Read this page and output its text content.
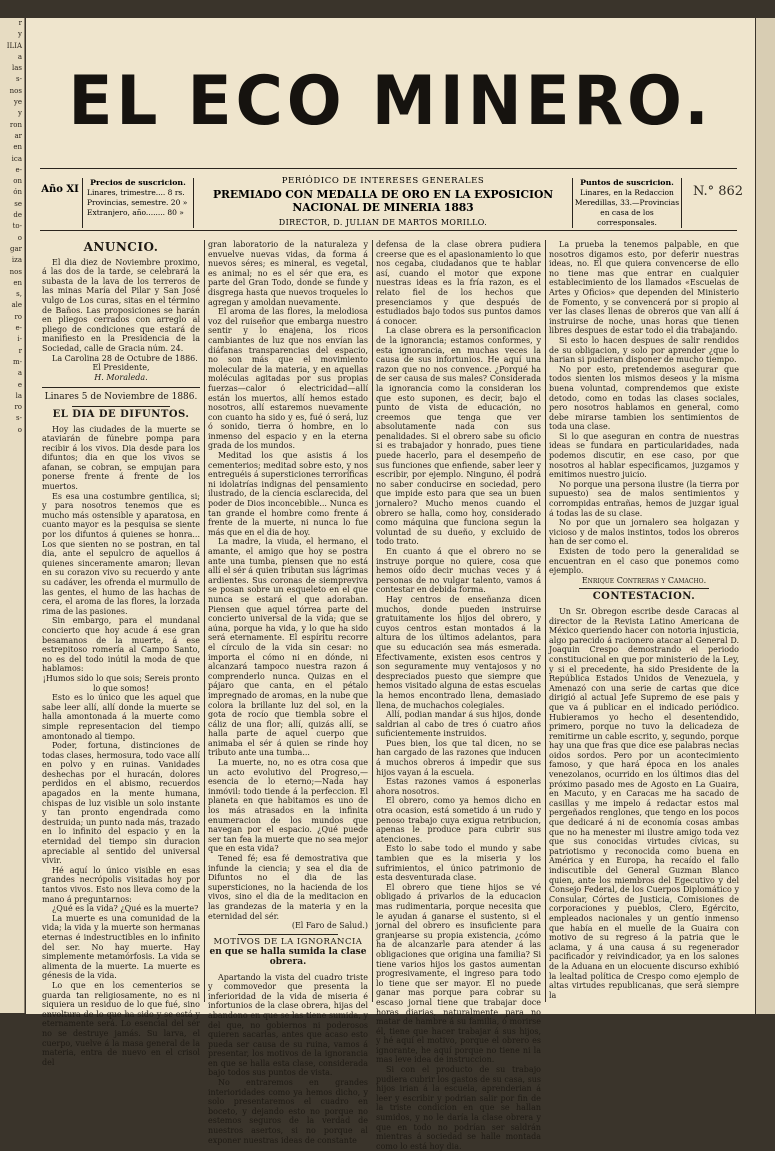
r
y
ILIA
a
las
s-
nos
ye
y
ron
ar
en
ica
e-
on
ón
se
de
to-
o
gar
iza
nos
en
s,
ale
ro
e-
i-
r
m-
a
e
la
ro
s-
o
EL ECO MINERO.
Año XI
Precios de suscricion.
Linares, trimestre.... 8 rs.
Provincias, semestre. 20 »
Extranjero, año........ 80 »
PERIÓDICO DE INTERESES GENERALES
PREMIADO CON MEDALLA DE ORO EN LA EXPOSICION NACIONAL DE MINERIA 1883
DIRECTOR, D. JULIAN DE MARTOS MORILLO.
Puntos de suscricion.
Linares, en la Redaccion
Meredillas, 33.—Provincias
en casa de los corresponsales.
N.° 862
ANUNCIO.

El dia diez de Noviembre proximo, á las dos de la tarde, se celebrará la subasta de la lava de los terreros de las minas María del Pilar y San José vulgo de Los curas, sitas en el término de Baños. Las proposiciones se harán en pliegos cerrados con arreglo al pliego de condiciones que estará de manifiesto en la Presidencia de la Sociedad, calle de Gracia núm. 24.

La Carolina 28 de Octubre de 1886.

El Presidente,

H. Moraleda.

Linares 5 de Noviembre de 1886.

EL DIA DE DIFUNTOS.

Hoy las ciudades de la muerte se ataviarán de fúnebre pompa para recibir á los vivos. Dia desde para los difuntos; dia en que los vivos se afanan, se cobran, se empujan para ponerse frente á frente de los muertos.

Es esa una costumbre gentilica, si; y para nosotros tenemos que es mucho más ostensible y aparatosa, en cuanto mayor es la pesquisa se siente por los difuntos á quienes se honra... Los que sienten no se postran, en tal dia, ante el sepulcro de aquellos á quienes sinceramente amaron; llevan en su corazon vivo su recuerdo y ante su cadáver, les ofrenda el murmullo de las gentes, el humo de las hachas de cera, el aroma de las flores, la lorzada rima de las pasiones.

Sin embargo, para el mundanal concierto que hoy acude á ese gran besamanos de la muerte, á ese estrepitoso romería al Campo Santo, no es del todo inútil la moda de que hablamos:

¡Humos sido lo que sois; Sereis pronto lo que somos!

Esto es lo único que les aquel que sabe leer allí, allí donde la muerte se halla amontonada á la muerte como simple representacion del tiempo amontonado al tiempo.

Poder, fortuna, distinciones de todas clases, hermosura, todo vace allí en polvo y en ruinas. Vanidades deshechas por el huracán, dolores perdidos en el abismo, recuerdos apagados en la mente humana, chispas de luz visible un solo instante y tan pronto engendrada como destruida; un punto nada más, trazado en lo infinito del espacio y en la eternidad del tiempo sin duracion apreciable al sentido del universal vivir.

Hé aquí lo único visible en esas grandes necrópolis visitadas hoy por tantos vivos. Esto nos lleva como de la mano á preguntarnos:

¿Qué es la vida? ¿Qué es la muerte?

La muerte es una comunidad de la vida; la vida y la muerte son hermanas eternas é indestructibles en lo infinito del ser. No hay muerte. Hay simplemente metamórfosis. La vida se alimenta de la muerte. La muerte es génesis de la vida.

Lo que en los cementerios se guarda tan religiosamente, no es ni siquiera un residuo de lo que fué, sino envoltura de lo que ha sido y se está y eternamente será. Lo esencial del sér no se destruye jamás. Su larva, el cuerpo, vuelve á la masa general de la materia, entra de nuevo en el crisol del

gran laboratorio de la naturaleza y envuelve nuevas vidas, da forma á nuevos séres; es mineral, es vegetal, es animal; no es el sér que era, es parte del Gran Todo, donde se funde y disgrega hasta que nuevos troqueles lo agregan y amoldan nuevamente.

El aroma de las flores, la melodiosa voz del ruiseñor que embarga nuestro sentir y lo enajena, los ricos cambiantes de luz que nos envían las diáfanas transparencias del espacio, no son más que el movimiento molecular de la materia, y en aquellas moléculas agitadas por sus propias fuerzas—calor ó electricidad—allí están los muertos, allí hemos estado nosotros, allí estaremos nuevamente con cuanto ha sido y es, fué ó será, luz ó sonido, tierra ó hombre, en lo inmenso del espacio y en la eterna grada de los mundos.

Meditad los que asistis á los cementerios; meditad sobre esto, y nos entreguéis á supersticiones terroríficas ni idolatrías indignas del pensamiento ilustrado, de la ciencia esclarecida, del poder de Dios inconcebible... Nunca es tan grande el hombre como frente á frente de la muerte, ni nunca lo fue más que en el dia de hoy.

La madre, la viuda, el hermano, el amante, el amigo que hoy se postra ante una tumba, piensen que no está allí el sér á quien tributan sus lágrimas ardientes. Sus coronas de siempreviva se posan sobre un esqueleto en el que nunca se estará el que adoraban. Piensen que aquel tórrea parte del concierto universal de la vida; que se aúna, porque ha vida, y lo que ha sido será eternamente. El espíritu recorre el círculo de la vida sin cesar: no importa el cómo ni en dónde, ni alcanzará tampoco nuestra razon á comprenderlo nunca. Quizas en el pájaro que canta, en el pétalo impregnado de aromas, en la nube que colora la brillante luz del sol, en la gota de rocío que tiembla sobre el cáliz de una flor; allí, quizás allí, se halla parte de aquel cuerpo que animaba el sér á quien se rinde hoy tributo ante una tumba...

La muerte, no, no es otra cosa que un acto evolutivo del Progreso,—esencia de lo eterno;—Nada hay inmóvil: todo tiende á la perfeccion. El planeta en que habitamos es uno de los más atrasados en la infinita enumeracion de los mundos que navegan por el espacio. ¿Qué puede ser tan fea la muerte que no sea mejor que en esta vida?

Tened fé; esa fé demostrativa que infunde la ciencia; y sea el dia de Difuntos no el dia de las supersticiones, no la hacienda de los vivos, sino el dia de la meditacion en las grandezas de la materia y en la eternidad del sér.

(El Faro de Salud.)

MOTIVOS DE LA IGNORANCIA
en que se halla sumida la clase obrera.

Apartando la vista del cuadro triste y commovedor que presenta la inferioridad de la vida de miseria é infortunios de la clase obrera, hijas del abandono en que se las tiene sumida, y del que, no gobiernos ni poderosos quieren sacarlas, antes que acaso esto pueda ser causa de su ruina, vamos á presentar, los motivos de la ignorancia en que se halla esta clase, considerada bajo todos sus puntos de vista.

No entraremos en grandes interioridades como ya hemos dicho, y solo presentaremos el cuadro en boceto, y dejando esto no porque no estemos seguros de la verdad de nuestros asertos, si no porque al exponer nuestras ideas de constante

defensa de la clase obrera pudiera creerse que es el apasionamiento lo que nos cegaba, ciudadanos que te hablar así, cuando el motor que expone nuestras ideas es la fría razon, es el relato fiel de los hechos que presenciamos y que después de estudiados bajo todos sus puntos damos á conocer.

La clase obrera es la personificacion de la ignorancia; estamos conformes, y esta ignorancia, en muchas veces la causa de sus infortunios. He aquí una razon que no nos convence. ¿Porqué ha de ser causa de sus males? Considerada la ignorancia como la consideran los que esto suponen, es decir, bajo el punto de vista de educación, no creemos que tenga que ver absolutamente nada con sus penalidades. Si el obrero sabe su oficio si es trabajador y honrado, pues tiene puede hacerlo, para el desempeño de sus funciones que enfiende, saber leer y escribir, por ejemplo. Ninguno, él podrá no saber conducirse en sociedad, pero que impide esto para que sea un buen jornalero? Mucho menos cuando el obrero se halla, como hoy, considerado como máquina que funciona segun la voluntad de su dueño, y excluido de todo trato.

En cuanto á que el obrero no se instruye porque no quiere, cosa que hemos oído decir muchas veces y á personas de no vulgar talento, vamos á contestar en debida forma.

Hay centros de enseñanza dicen muchos, donde pueden instruirse gratuitamente los hijos del obrero, y cuyos centros estan montados á la altura de los últimos adelantos, para que su educación sea más esmerada. Efectivamente, existen esos centros y son seguramente muy ventajosos y no despreciados puesto que siempre que hemos visitado alguna de estas escuelas la hemos encontrado llena, demasiado llena, de muchachos colegiales.

Allí, podian mandar á sus hijos, donde saldrian al cabo de tres ó cuatro años suficientemente instruidos.

Pues bien, los que tal dicen, no se han cargado de las razones que inducen á muchos obreros á impedir que sus hijos vayan á la escuela.

Estas razones vamos á esponerlas ahora nosotros.

El obrero, como ya hemos dicho en otra ocasion, está sometido á un rudo y penoso trabajo cuya exigua retribucion, apenas le produce para cubrir sus atenciones.

Esto lo sabe todo el mundo y sabe tambien que es la miseria y los sufrimientos, el único patrimonio de esta desventurada clase.

El obrero que tiene hijos se vé obligado á privarlos de la educacion mas rudimentaria, porque necesita que le ayudan á ganarse el sustento, si el jornal del obrero es insuficiente para granjearse su propia existencia, ¿cómo ha de alcanzarle para atender á las obligaciones que origina una familia? Si tiene varios hijos los gastos aumentan progresivamente, el ingreso para todo lo tiene que ser mayor. El no puede ganar mas porque para cobrar su escaso jornal tiene que trabajar doce horas diarias, naturalmente para no matar de hambre á su familia, ó morirse él, tiene que hacer trabajar á sus hijos, y hé aquí el motivo, porque el obrero es ignorante, he aquí porque no tiene ni la mas leve idea de instruccion.

Si con el producto de su trabajo pudiera cubrir los gastos de su casa, sus hijos irian á la escuela, aprenderian á leer y escribir y podrian salir por fin de la triste condicion en que se hallan sumidos, y no le daría la clase obrera y que en todo no podrían ser saldrán mientras á sociedad se halle montada como lo está hoy dia.

La prueba la tenemos palpable, en que nosotros digamos esto, por deferir nuestras ideas, no. El que quiera convencerse de ello no tiene mas que entrar en cualquier establecimiento de los llamados «Escuelas de Artes y Oficios» que dependen del Ministerio de Fomento, y se convencerá por si propio al ver las clases llenas de obreros que van allí á instruirse de noche, unas horas que tienen libres despues de estar todo el dia trabajando.

Si esto lo hacen despues de salir rendidos de su obligacion, y solo por aprender ¿que lo harian si pudieran disponer de mucho tiempo.

No por esto, pretendemos asegurar que todos sienten los mismos deseos y la misma buena voluntad, comprendemos que existe detodo, como en todas las clases sociales, pero nosotros hablamos en general, como debe mirarse tambien los sentimientos de toda una clase.

Si lo que aseguran en contra de nuestras ideas se fundara en particularidades, nada podemos discutir, en ese caso, por que nosotros al hablar especificamos, juzgamos y emitimos nuestro juicio.

No porque una persona ilustre (la tierra por supuesto) sea de malos sentimientos y corrompidas entrañas, hemos de juzgar igual á todas las de su clase.

No por que un jornalero sea holgazan y vicioso y de malos instintos, todos los obreros han de ser como el.

Existen de todo pero la generalidad se encuentran en el caso que ponemos como ejemplo.

Enrique Contreras y Camacho.

CONTESTACION.

Un Sr. Obregon escribe desde Caracas al director de la Revista Latino Americana de México queriendo hacer con notoria injusticia, algo parecido á racionero atacar al General D. Joaquin Crespo demostrando el periodo constitucional en que por ministerio de la Ley, y si el precedente, ha sido Presidente de la República Estados Unidos de Venezuela, y Amenazó con una serie de cartas que dice dirigió al actual Jefe Supremo de ese pais y que va á publicar en el indicado periódico. Hubieramos yo hecho el desentendido, primero, porque no tuvo la delicadeza de remitirme un cable escrito, y, segundo, porque hay una que fras que dice ese palabras necias oidos sordos. Pero por un acontecimiento famoso, y que hará época en los anales venezolanos, ocurrido en los últimos dias del próximo pasado mes de Agosto en La Guaira, en Macuto, y en Caracas me ha sacado de casillas y me impelo á redactar estos mal pergeñados renglones, que tengo en los pocos que dedicaré á ni de economía cosas ambas que no ha menester mi ilustre amigo toda vez que sus conocidas virtudes cívicas, su patriotismo y reconocida como buena en América y en Europa, ha recaído el fallo indiscutible del General Guzman Blanco quien, ante los miembros del Egecutivo y del Consejo Federal, de los Cuerpos Diplomático y Consular, Córtes de Justicia, Comisiones de corporaciones y pueblos, Clero, Egército, empleados nacionales y un gentío inmenso que había en el muelle de la Guaira con motivo de su regreso á la patria que le aclama, y á una causa á su regenerador pacificador y reivindicador, ya en los salones de la Aduana en un elocuente discurso exhibió la lealtad política de Crespo como ejemplo de altas virtudes republicanas, que será siempre la
